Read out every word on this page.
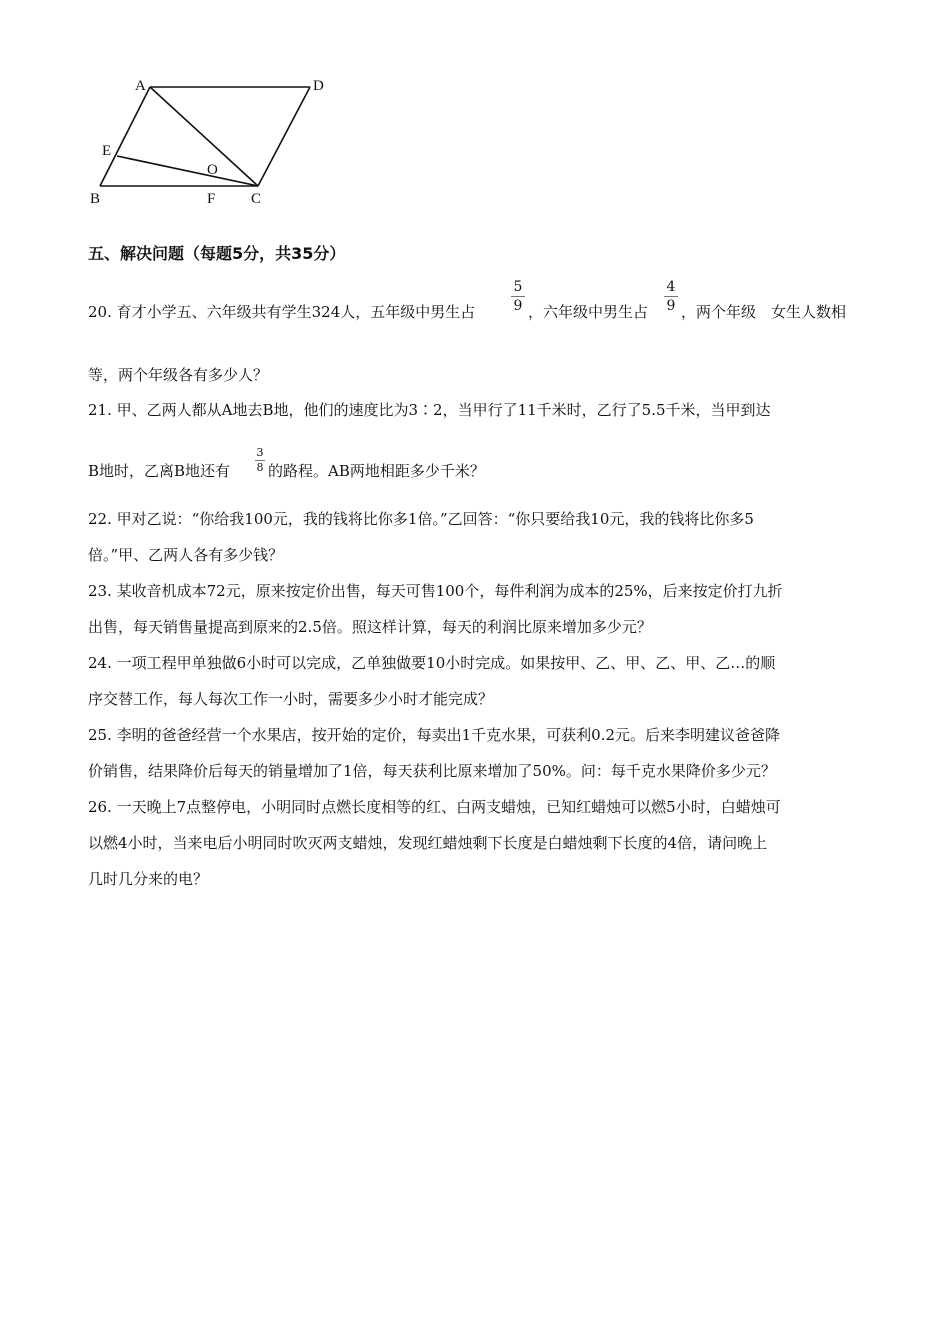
A	D
E
O
B	F C
五、解决问题（每题5分，共35分）
20. 育才小学五、六年级共有学生324人，五年级中男生占
5
9 ，六年级中男生占
4
9 ，两个年级　女生人数相
等，两个年级各有多少人？
21. 甲、乙两人都从A地去B地，他们的速度比为3∶2，当甲行了11千米时，乙行了5.5千米，当甲到达
B地时，乙离B地还有
3
8 的路程。AB两地相距多少千米？
22. 甲对乙说：“你给我100元，我的钱将比你多1倍。”乙回答：“你只要给我10元，我的钱将比你多5
倍。”甲、乙两人各有多少钱？
23. 某收音机成本72元，原来按定价出售，每天可售100个，每件利润为成本的25%，后来按定价打九折
出售，每天销售量提高到原来的2.5倍。照这样计算，每天的利润比原来增加多少元？
24. 一项工程甲单独做6小时可以完成，乙单独做要10小时完成。如果按甲、乙、甲、乙、甲、乙…的顺
序交替工作，每人每次工作一小时，需要多少小时才能完成？
25. 李明的爸爸经营一个水果店，按开始的定价，每卖出1千克水果，可获利0.2元。后来李明建议爸爸降
价销售，结果降价后每天的销量增加了1倍，每天获利比原来增加了50%。问：每千克水果降价多少元？
26. 一天晚上7点整停电，小明同时点燃长度相等的红、白两支蜡烛，已知红蜡烛可以燃5小时，白蜡烛可
以燃4小时，当来电后小明同时吹灭两支蜡烛，发现红蜡烛剩下长度是白蜡烛剩下长度的4倍，请问晚上
几时几分来的电？
